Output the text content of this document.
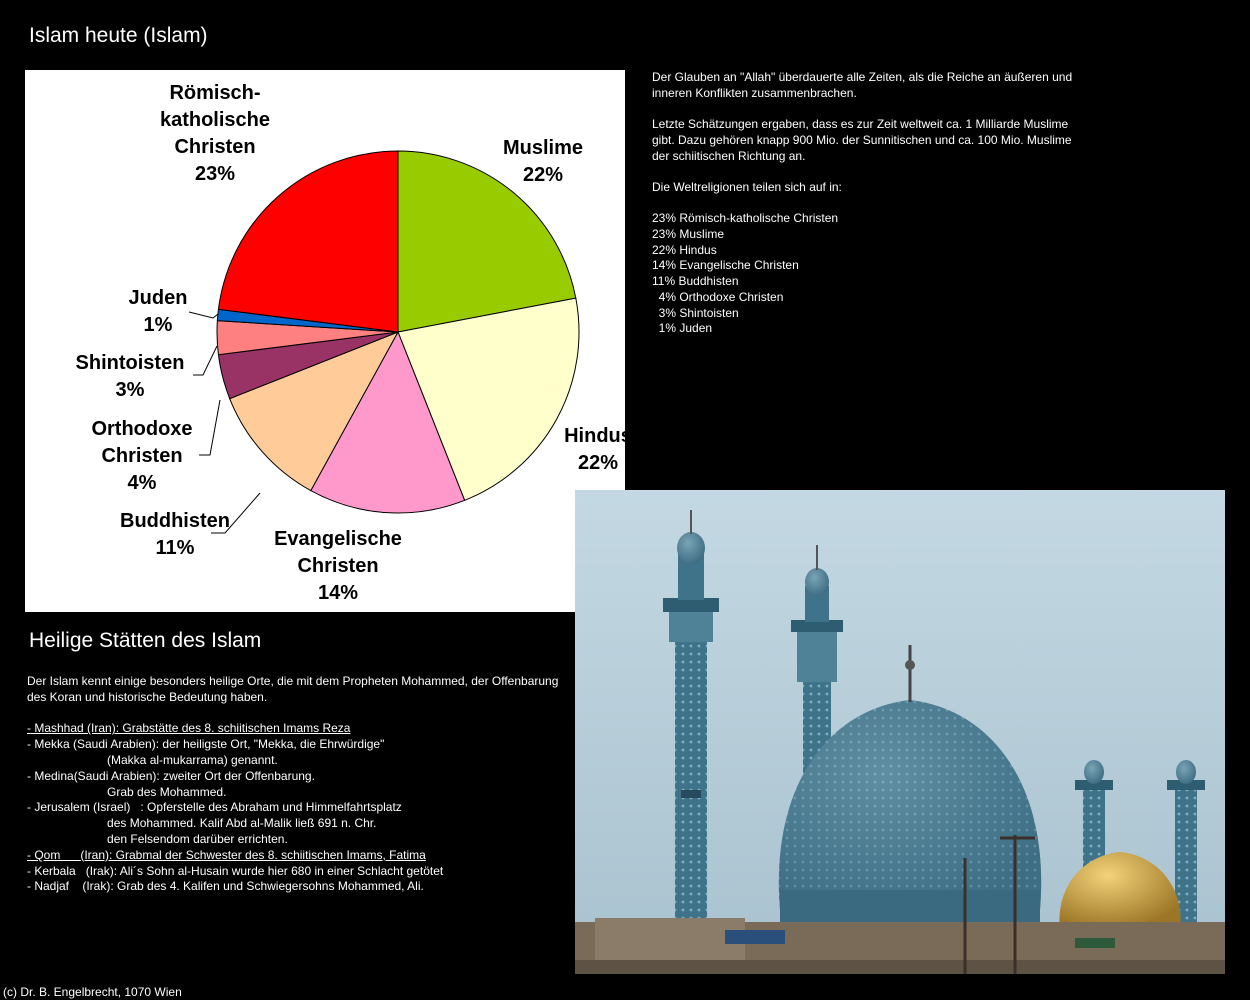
Islam heute (Islam)
Muslime
22%
Hindus
22%
Evangelische
Christen
14%
Buddhisten
11%
Orthodoxe
Christen
4%
Shintoisten
3%
Juden
1%
Römisch-
katholische
Christen
23%

Der Glauben an "Allah" überdauerte alle Zeiten, als die Reiche an äußeren und inneren Konflikten zusammenbrachen.

Letzte Schätzungen ergaben, dass es zur Zeit weltweit ca. 1 Milliarde Muslime gibt. Dazu gehören knapp 900 Mio. der Sunnitischen und ca. 100 Mio. Muslime der schiitischen Richtung an.

Die Weltreligionen teilen sich auf in:

23% Römisch-katholische Christen
23% Muslime
22% Hindus
14% Evangelische Christen
11% Buddhisten
4% Orthodoxe Christen
3% Shintoisten
1% Juden
Heilige Stätten des Islam

Der Islam kennt einige besonders heilige Orte, die mit dem Propheten Mohammed, der Offenbarung des Koran und historische Bedeutung haben.

- Mashhad (Iran): Grabstätte des 8. schiitischen Imams Reza
- Mekka (Saudi Arabien): der heiligste Ort, "Mekka, die Ehrwürdige"
(Makka al-mukarrama) genannt.
- Medina(Saudi Arabien): zweiter Ort der Offenbarung.
Grab des Mohammed.
- Jerusalem (Israel)   : Opferstelle des Abraham und Himmelfahrtsplatz
des Mohammed. Kalif Abd al-Malik ließ 691 n. Chr.
den Felsendom darüber errichten.
- Qom      (Iran): Grabmal der Schwester des 8. schiitischen Imams, Fatima
- Kerbala   (Irak): Ali´s Sohn al-Husain wurde hier 680 in einer Schlacht getötet
- Nadjaf    (Irak): Grab des 4. Kalifen und Schwiegersohns Mohammed, Ali.
(c) Dr. B. Engelbrecht, 1070 Wien
